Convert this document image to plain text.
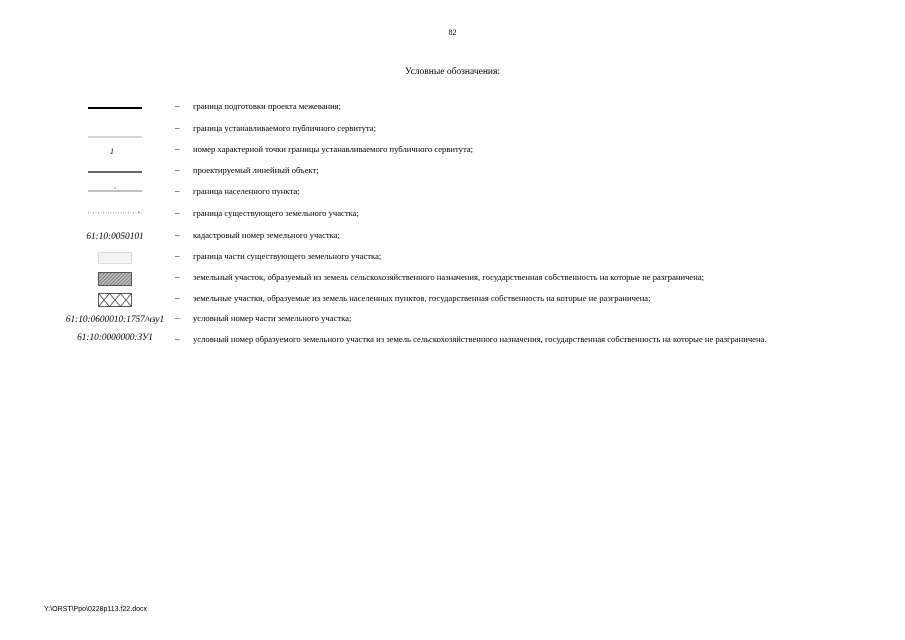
82
Условные обозначения:
– граница подготовки проекта межевания;
– граница устанавливаемого публичного сервитута;
1	– номер характерной точки границы устанавливаемого публичного сервитута;
– проектируемый линейный объект;
– граница населенного пункта;
– граница существующего земельного участка;
61:10:0050101	– кадастровый номер земельного участка;
– граница части существующего земельного участка;
– земельный участок, образуемый из земель сельскохозяйственного назначения, государственная собственность на которые не разграничена;
– земельные участки, образуемые из земель населенных пунктов, государственная собственность на которые не разграничена;
61:10:0600010:1757/чзу1 – условный номер части земельного участка;
61:10:0000000:ЗУ1 – условный номер образуемого земельного участка из земель сельскохозяйственного назначения, государственная собственность на которые не разграничена.
Y:\ORST\Ppo\0228p113.f22.docx
